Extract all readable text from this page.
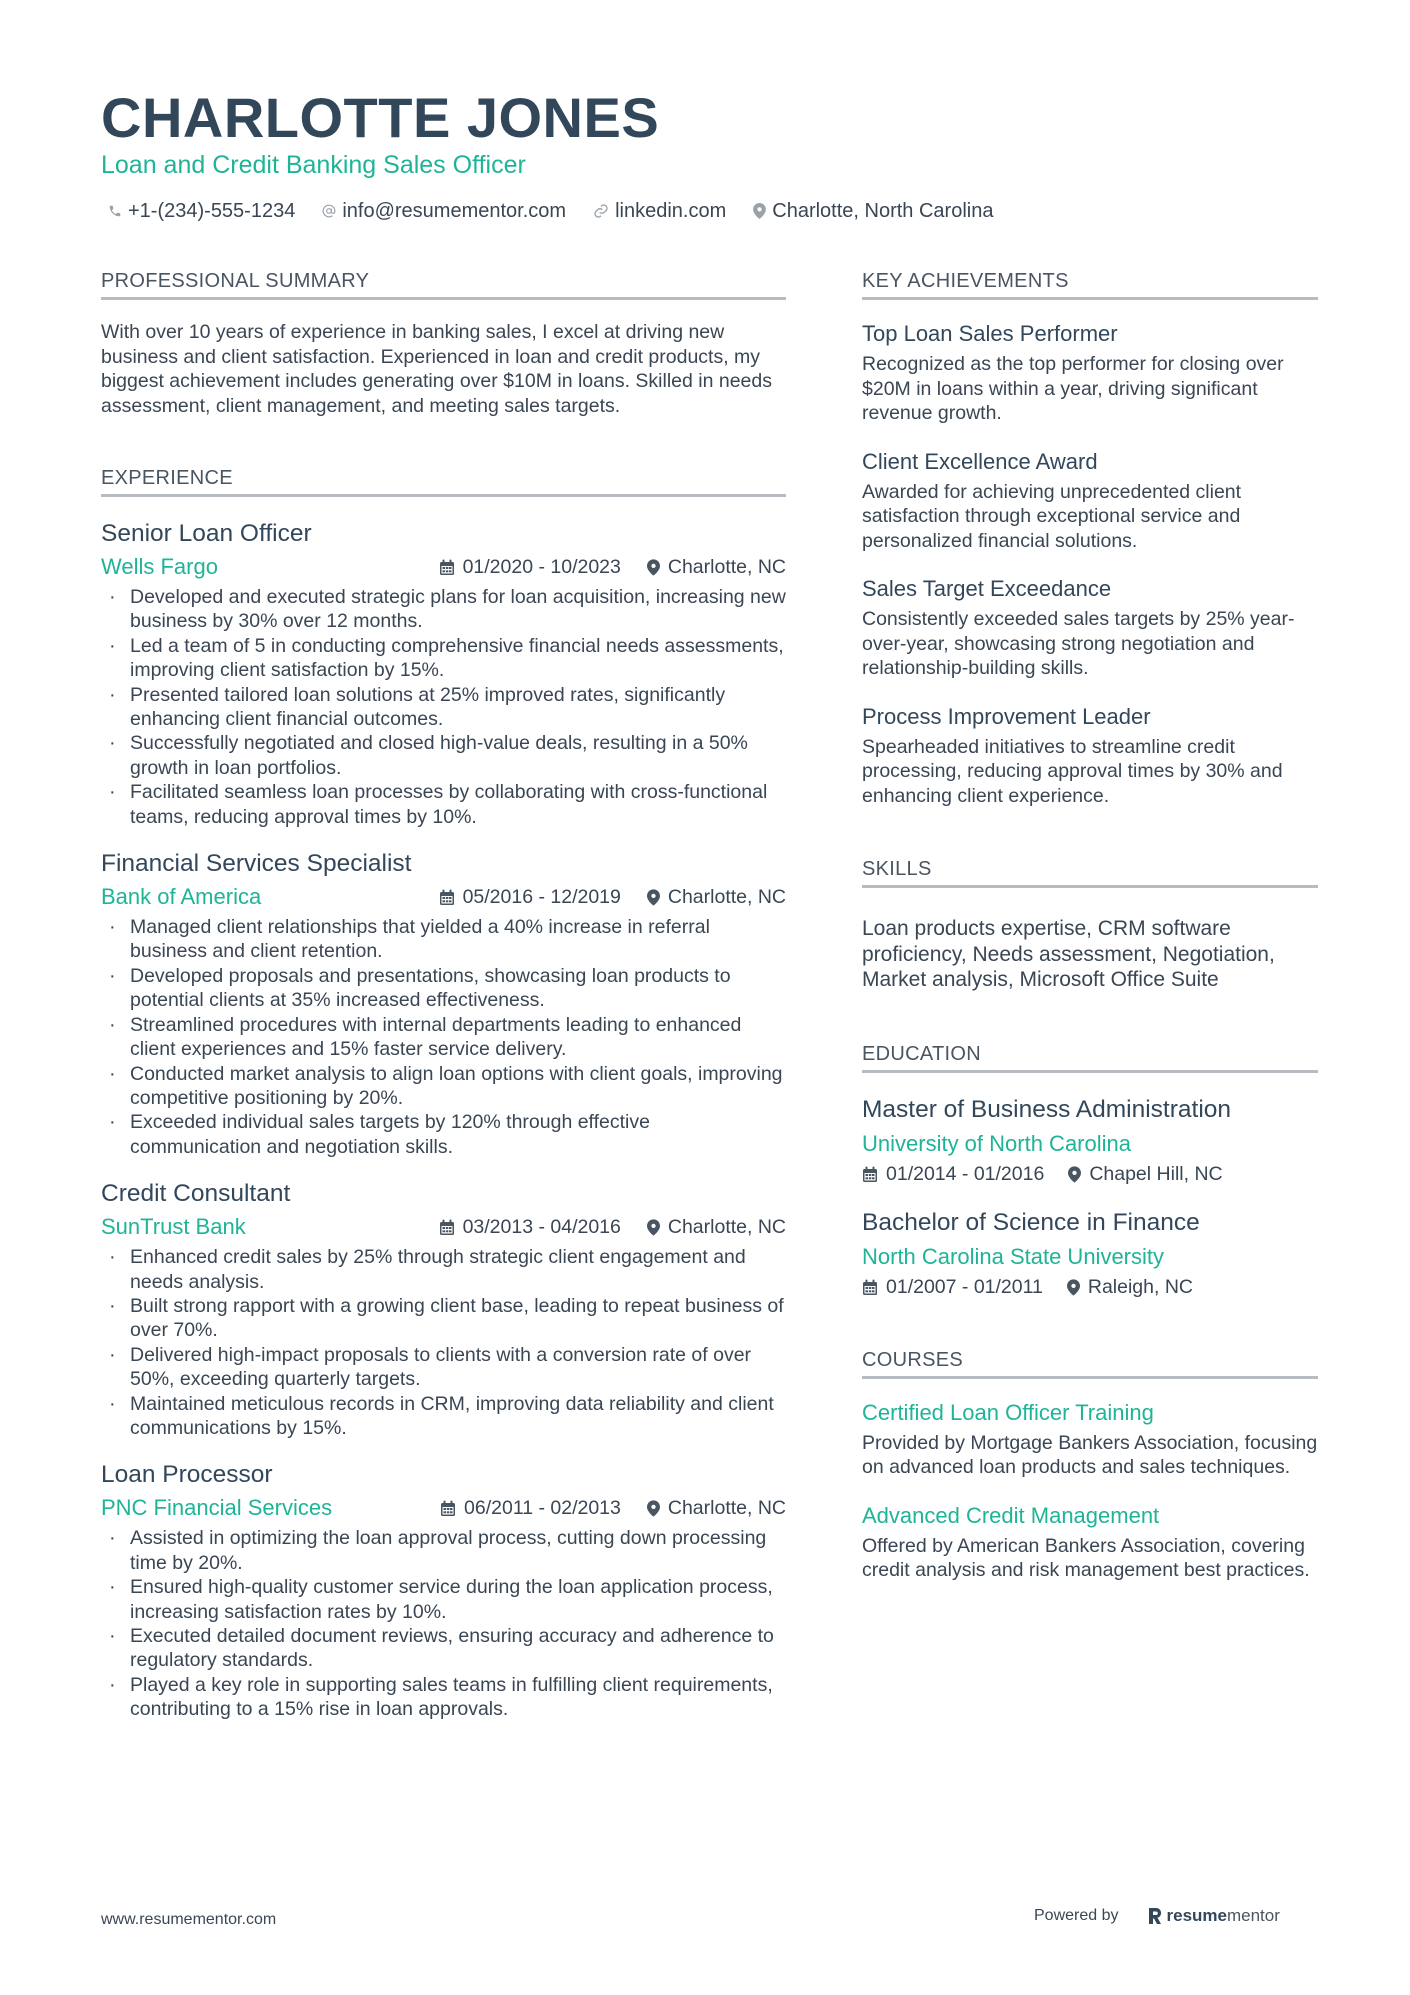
CHARLOTTE JONES
Loan and Credit Banking Sales Officer
+1-(234)-555-1234 info@resumementor.com linkedin.com Charlotte, North Carolina
PROFESSIONAL SUMMARY

With over 10 years of experience in banking sales, I excel at driving new business and client satisfaction. Experienced in loan and credit products, my biggest achievement includes generating over $10M in loans. Skilled in needs assessment, client management, and meeting sales targets.

EXPERIENCE
Senior Loan Officer
Wells Fargo	01/2020 - 10/2023 Charlotte, NC
· Developed and executed strategic plans for loan acquisition, increasing new business by 30% over 12 months.
· Led a team of 5 in conducting comprehensive financial needs assessments, improving client satisfaction by 15%.
· Presented tailored loan solutions at 25% improved rates, significantly enhancing client financial outcomes.
· Successfully negotiated and closed high-value deals, resulting in a 50% growth in loan portfolios.
· Facilitated seamless loan processes by collaborating with cross-functional teams, reducing approval times by 10%.
Financial Services Specialist
Bank of America	05/2016 - 12/2019 Charlotte, NC
· Managed client relationships that yielded a 40% increase in referral business and client retention.
· Developed proposals and presentations, showcasing loan products to potential clients at 35% increased effectiveness.
· Streamlined procedures with internal departments leading to enhanced client experiences and 15% faster service delivery.
· Conducted market analysis to align loan options with client goals, improving competitive positioning by 20%.
· Exceeded individual sales targets by 120% through effective communication and negotiation skills.
Credit Consultant
SunTrust Bank	03/2013 - 04/2016 Charlotte, NC
· Enhanced credit sales by 25% through strategic client engagement and needs analysis.
· Built strong rapport with a growing client base, leading to repeat business of over 70%.
· Delivered high-impact proposals to clients with a conversion rate of over 50%, exceeding quarterly targets.
· Maintained meticulous records in CRM, improving data reliability and client communications by 15%.
Loan Processor
PNC Financial Services	06/2011 - 02/2013 Charlotte, NC
· Assisted in optimizing the loan approval process, cutting down processing time by 20%.
· Ensured high-quality customer service during the loan application process, increasing satisfaction rates by 10%.
· Executed detailed document reviews, ensuring accuracy and adherence to regulatory standards.
· Played a key role in supporting sales teams in fulfilling client requirements, contributing to a 15% rise in loan approvals.
KEY ACHIEVEMENTS
Top Loan Sales Performer

Recognized as the top performer for closing over $20M in loans within a year, driving significant revenue growth.

Client Excellence Award

Awarded for achieving unprecedented client satisfaction through exceptional service and personalized financial solutions.

Sales Target Exceedance

Consistently exceeded sales targets by 25% year-over-year, showcasing strong negotiation and relationship-building skills.

Process Improvement Leader

Spearheaded initiatives to streamline credit processing, reducing approval times by 30% and enhancing client experience.

SKILLS

Loan products expertise, CRM software proficiency, Needs assessment, Negotiation, Market analysis, Microsoft Office Suite

EDUCATION
Master of Business Administration
University of North Carolina
01/2014 - 01/2016 Chapel Hill, NC
Bachelor of Science in Finance
North Carolina State University
01/2007 - 01/2011 Raleigh, NC
COURSES
Certified Loan Officer Training

Provided by Mortgage Bankers Association, focusing on advanced loan products and sales techniques.

Advanced Credit Management

Offered by American Bankers Association, covering credit analysis and risk management best practices.

www.resumementor.com	Powered by	resume mentor
